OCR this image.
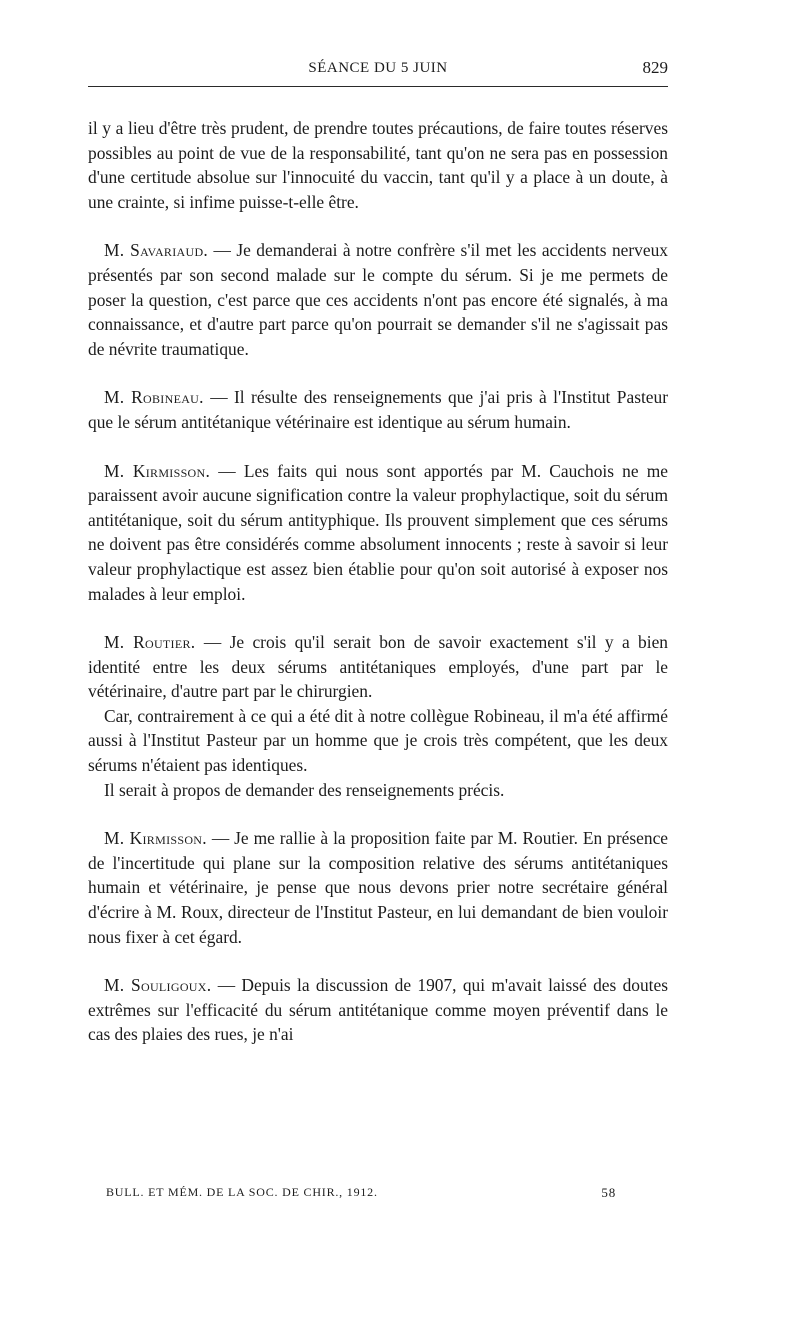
SÉANCE DU 5 JUIN	829

il y a lieu d'être très prudent, de prendre toutes précautions, de faire toutes réserves possibles au point de vue de la responsabilité, tant qu'on ne sera pas en possession d'une certitude absolue sur l'innocuité du vaccin, tant qu'il y a place à un doute, à une crainte, si infime puisse-t-elle être.

M. Savariaud. — Je demanderai à notre confrère s'il met les accidents nerveux présentés par son second malade sur le compte du sérum. Si je me permets de poser la question, c'est parce que ces accidents n'ont pas encore été signalés, à ma connaissance, et d'autre part parce qu'on pourrait se demander s'il ne s'agissait pas de névrite traumatique.

M. Robineau. — Il résulte des renseignements que j'ai pris à l'Institut Pasteur que le sérum antitétanique vétérinaire est identique au sérum humain.

M. Kirmisson. — Les faits qui nous sont apportés par M. Cauchois ne me paraissent avoir aucune signification contre la valeur prophylactique, soit du sérum antitétanique, soit du sérum antityphique. Ils prouvent simplement que ces sérums ne doivent pas être considérés comme absolument innocents ; reste à savoir si leur valeur prophylactique est assez bien établie pour qu'on soit autorisé à exposer nos malades à leur emploi.

M. Routier. — Je crois qu'il serait bon de savoir exactement s'il y a bien identité entre les deux sérums antitétaniques employés, d'une part par le vétérinaire, d'autre part par le chirurgien.

Car, contrairement à ce qui a été dit à notre collègue Robineau, il m'a été affirmé aussi à l'Institut Pasteur par un homme que je crois très compétent, que les deux sérums n'étaient pas identiques.

Il serait à propos de demander des renseignements précis.

M. Kirmisson. — Je me rallie à la proposition faite par M. Routier. En présence de l'incertitude qui plane sur la composition relative des sérums antitétaniques humain et vétérinaire, je pense que nous devons prier notre secrétaire général d'écrire à M. Roux, directeur de l'Institut Pasteur, en lui demandant de bien vouloir nous fixer à cet égard.

M. Souligoux. — Depuis la discussion de 1907, qui m'avait laissé des doutes extrêmes sur l'efficacité du sérum antitétanique comme moyen préventif dans le cas des plaies des rues, je n'ai

BULL. ET MÉM. DE LA SOC. DE CHIR., 1912.	58
